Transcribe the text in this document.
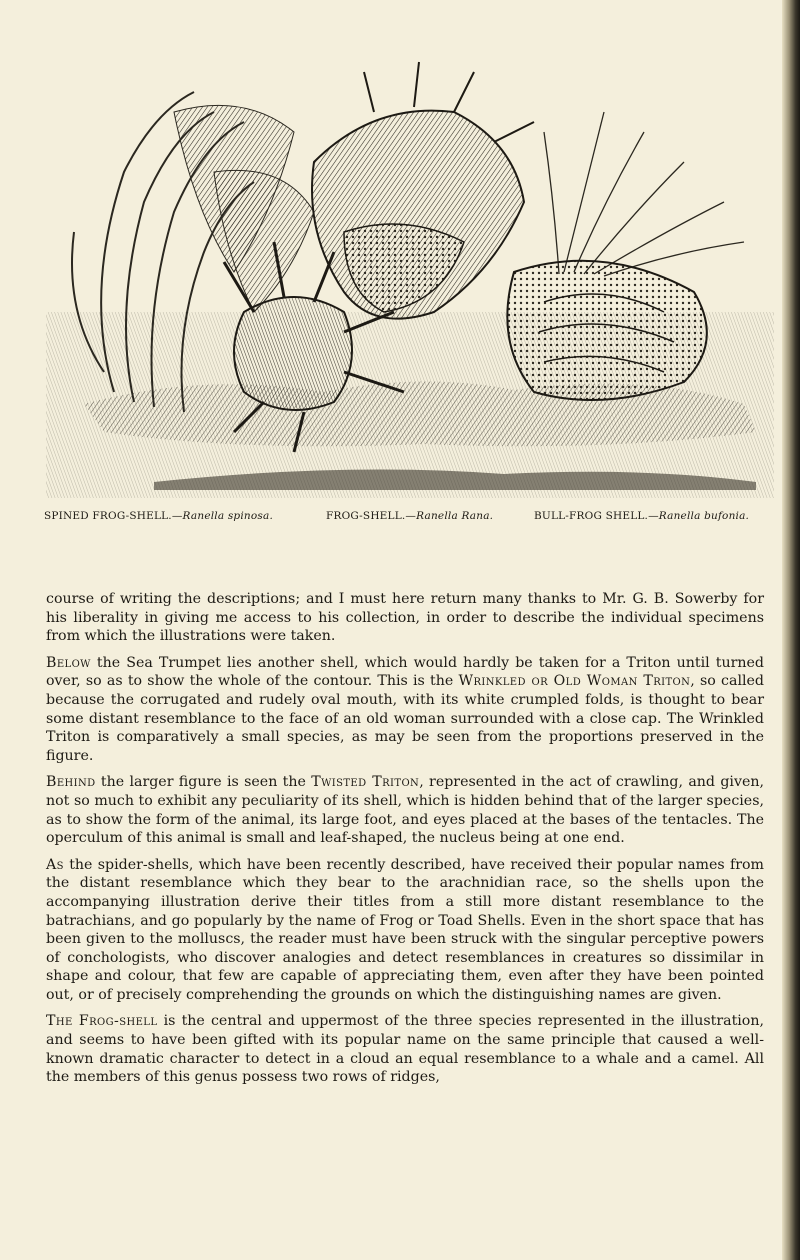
SPINED FROG-SHELL.—Ranella spinosa.	FROG-SHELL.—Ranella Rana.	BULL-FROG SHELL.—Ranella bufonia.

course of writing the descriptions; and I must here return many thanks to Mr. G. B. Sowerby for his liberality in giving me access to his collection, in order to describe the individual specimens from which the illustrations were taken.

Below the Sea Trumpet lies another shell, which would hardly be taken for a Triton until turned over, so as to show the whole of the contour. This is the Wrinkled or Old Woman Triton, so called because the corrugated and rudely oval mouth, with its white crumpled folds, is thought to bear some distant resemblance to the face of an old woman surrounded with a close cap. The Wrinkled Triton is comparatively a small species, as may be seen from the proportions preserved in the figure.

Behind the larger figure is seen the Twisted Triton, represented in the act of crawling, and given, not so much to exhibit any peculiarity of its shell, which is hidden behind that of the larger species, as to show the form of the animal, its large foot, and eyes placed at the bases of the tentacles. The operculum of this animal is small and leaf-shaped, the nucleus being at one end.

As the spider-shells, which have been recently described, have received their popular names from the distant resemblance which they bear to the arachnidian race, so the shells upon the accompanying illustration derive their titles from a still more distant resemblance to the batrachians, and go popularly by the name of Frog or Toad Shells. Even in the short space that has been given to the molluscs, the reader must have been struck with the singular perceptive powers of conchologists, who discover analogies and detect resemblances in creatures so dissimilar in shape and colour, that few are capable of appreciating them, even after they have been pointed out, or of precisely comprehending the grounds on which the distinguishing names are given.

The Frog-shell is the central and uppermost of the three species represented in the illustration, and seems to have been gifted with its popular name on the same principle that caused a well-known dramatic character to detect in a cloud an equal resemblance to a whale and a camel. All the members of this genus possess two rows of ridges,
